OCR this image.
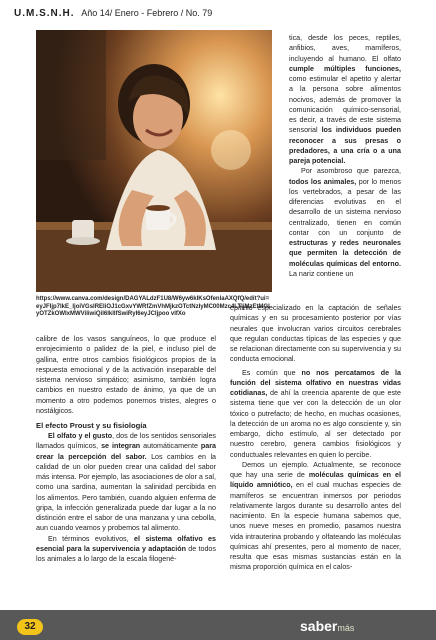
U.M.S.N.H. Año 14/ Enero - Febrero / No. 79
https://www.canva.com/design/DAGYALdzF1U8/W6yw6kIKsOfenlaAXQfQ/edit?ui=eyJFIjp7IkE_IjoiVGslREIiOJ1cGxvYWRfZmVhMjkzOTctNzIyMC00Mzc4LTljMzEtMGIyOTZkOWIxMWViIiwiQiI6IkllfSwiRyI6eyJCIjpoo vlfXo

calibre de los vasos sanguíneos, lo que produce el enrojecimiento o palidez de la piel, e incluso piel de gallina, entre otros cambios fisiológicos propios de la respuesta emocional y de la activación inseparable del sistema nervioso simpático; asimismo, también logra cambios en nuestro estado de ánimo, ya que de un momento a otro podemos ponernos tristes, alegres o nostálgicos.

El efecto Proust y su fisiología

El olfato y el gusto, dos de los sentidos sensoriales llamados químicos, se integran automáticamente para crear la percepción del sabor. Los cambios en la calidad de un olor pueden crear una calidad del sabor más intensa. Por ejemplo, las asociaciones de olor a sal, como una sardina, aumentan la salinidad percibida en los alimentos. Pero también, cuando alguien enferma de gripa, la infección generalizada puede dar lugar a la no distinción entre el sabor de una manzana y una cebolla, aun cuando veamos y probemos tal alimento.

En términos evolutivos, el sistema olfativo es esencial para la supervivencia y adaptación de todos los animales a lo largo de la escala filogené-

tica, desde los peces, reptiles, anfibios, aves, mamíferos, incluyendo al humano. El olfato cumple múltiples funciones, como estimular el apetito y alertar a la persona sobre alimentos nocivos, además de promover la comunicación químico-sensorial, es decir, a través de este sistema sensorial los individuos pueden reconocer a sus presas o predadores, a una cría o a una pareja potencial.

Por asombroso que parezca, todos los animales, por lo menos los vertebrados, a pesar de las diferencias evolutivas en el desarrollo de un sistema nervioso centralizado, tienen en común contar con un conjunto de estructuras y redes neuronales que permiten la detección de moléculas químicas del entorno. La nariz contiene un

epitelio especializado en la captación de señales químicas y en su procesamiento posterior por vías neurales que involucran varios circuitos cerebrales que regulan conductas típicas de las especies y que se relacionan directamente con su supervivencia y su conducta emocional.

Es común que no nos percatamos de la función del sistema olfativo en nuestras vidas cotidianas, de ahí la creencia aparente de que este sistema tiene que ver con la detección de un olor tóxico o putrefacto; de hecho, en muchas ocasiones, la detección de un aroma no es algo consciente y, sin embargo, dicho estímulo, al ser detectado por nuestro cerebro, genera cambios fisiológicos y conductuales relevantes en quien lo percibe.

Demos un ejemplo. Actualmente, se reconoce que hay una serie de moléculas químicas en el líquido amniótico, en el cual muchas especies de mamíferos se encuentran inmersos por periodos relativamente largos durante su desarrollo antes del nacimiento. En la especie humana sabemos que, unos nueve meses en promedio, pasamos nuestra vida intrauterina probando y olfateando las moléculas químicas ahí presentes, pero al momento de nacer, resulta que esas mismas sustancias están en la misma proporción química en el calos-

32	sabermás
